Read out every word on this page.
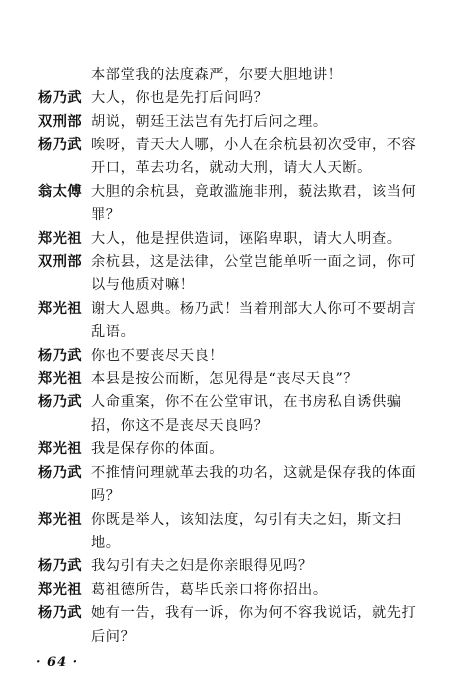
本部堂我的法度森严，尔要大胆地讲！
杨乃武 大人，你也是先打后问吗？
双刑部 胡说，朝廷王法岂有先打后问之理。
杨乃武 唉呀，青天大人哪，小人在余杭县初次受审，不容
开口，革去功名，就动大刑，请大人天断。
翁太傅 大胆的余杭县，竟敢滥施非刑，藐法欺君，该当何
罪？
郑光祖 大人，他是捏供造词，诬陷卑职，请大人明查。
双刑部 余杭县，这是法律，公堂岂能单听一面之词，你可
以与他质对嘛！
郑光祖 谢大人恩典。杨乃武！当着刑部大人你可不要胡言
乱语。
杨乃武 你也不要丧尽天良！
郑光祖 本县是按公而断，怎见得是“丧尽天良”？
杨乃武 人命重案，你不在公堂审讯，在书房私自诱供骗
招，你这不是丧尽天良吗？
郑光祖 我是保存你的体面。
杨乃武 不推情问理就革去我的功名，这就是保存我的体面
吗？
郑光祖 你既是举人，该知法度，勾引有夫之妇，斯文扫
地。
杨乃武 我勾引有夫之妇是你亲眼得见吗？
郑光祖 葛祖德所告，葛毕氏亲口将你招出。
杨乃武 她有一告，我有一诉，你为何不容我说话，就先打
后问？
· 64 ·
